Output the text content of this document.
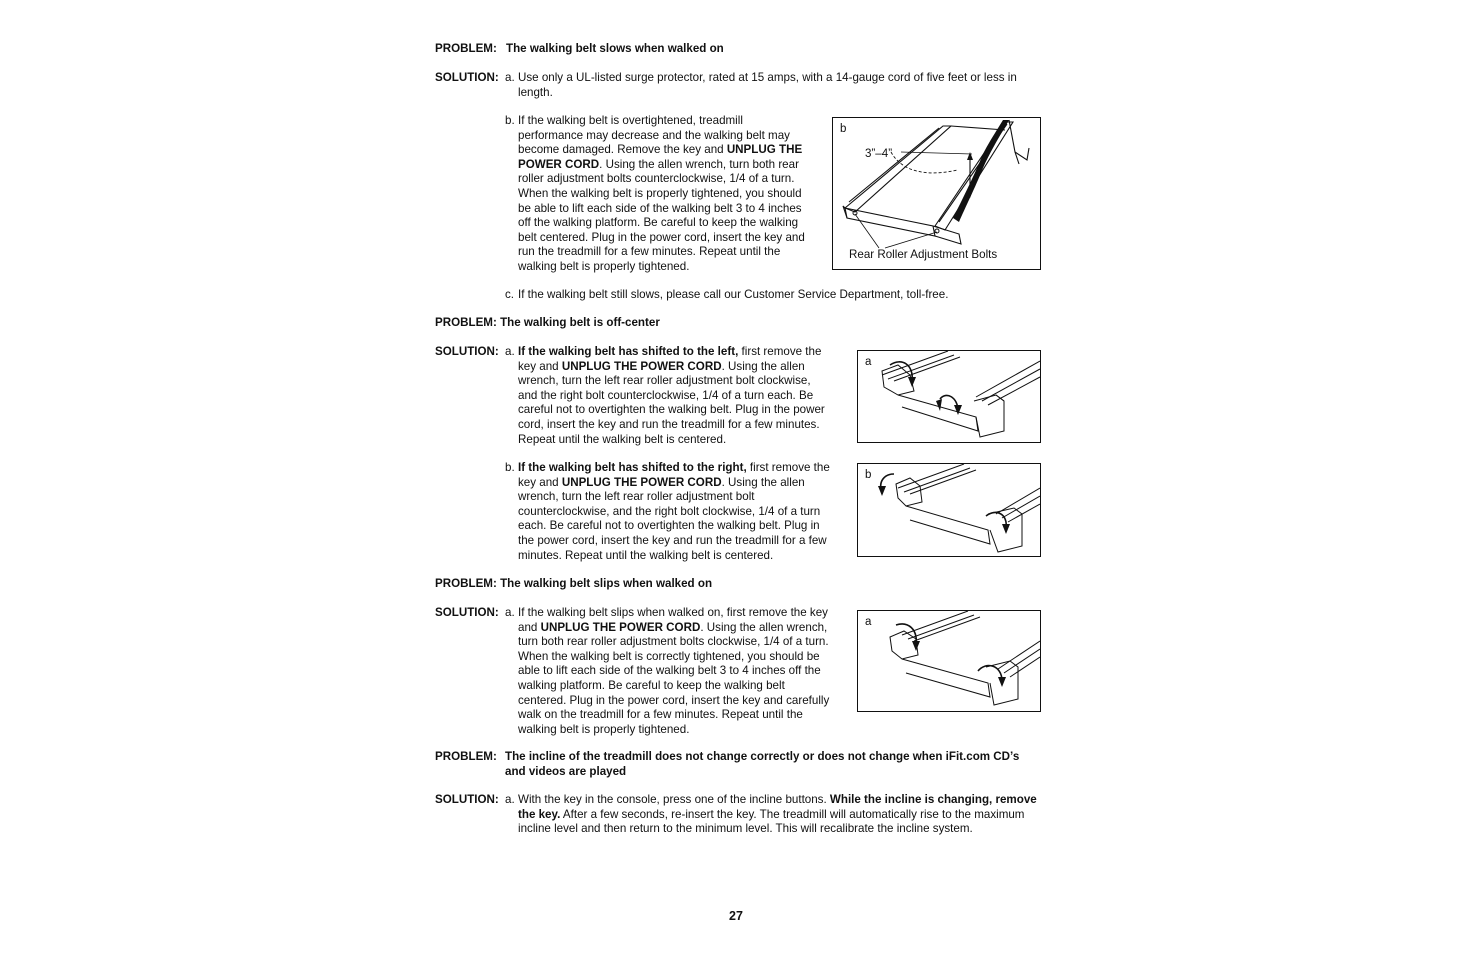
PROBLEM: The walking belt slows when walked on
SOLUTION: a. Use only a UL-listed surge protector, rated at 15 amps, with a 14-gauge cord of five feet or less in length.
b. If the walking belt is overtightened, treadmill performance may decrease and the walking belt may become damaged. Remove the key and UNPLUG THE POWER CORD. Using the allen wrench, turn both rear roller adjustment bolts counterclockwise, 1/4 of a turn. When the walking belt is properly tightened, you should be able to lift each side of the walking belt 3 to 4 inches off the walking platform. Be careful to keep the walking belt centered. Plug in the power cord, insert the key and run the treadmill for a few minutes. Repeat until the walking belt is properly tightened.
b
3”–4”
Rear Roller Adjustment Bolts
c. If the walking belt still slows, please call our Customer Service Department, toll-free.
PROBLEM: The walking belt is off-center
SOLUTION: a. If the walking belt has shifted to the left, first remove the key and UNPLUG THE POWER CORD. Using the allen wrench, turn the left rear roller adjustment bolt clockwise, and the right bolt counterclockwise, 1/4 of a turn each. Be careful not to overtighten the walking belt. Plug in the power cord, insert the key and run the treadmill for a few minutes. Repeat until the walking belt is centered.
a
b. If the walking belt has shifted to the right, first remove the key and UNPLUG THE POWER CORD. Using the allen wrench, turn the left rear roller adjustment bolt counterclockwise, and the right bolt clockwise, 1/4 of a turn each. Be careful not to overtighten the walking belt. Plug in the power cord, insert the key and run the treadmill for a few minutes. Repeat until the walking belt is centered.
b
PROBLEM: The walking belt slips when walked on
SOLUTION: a. If the walking belt slips when walked on, first remove the key and UNPLUG THE POWER CORD. Using the allen wrench, turn both rear roller adjustment bolts clockwise, 1/4 of a turn. When the walking belt is correctly tightened, you should be able to lift each side of the walking belt 3 to 4 inches off the walking platform. Be careful to keep the walking belt centered. Plug in the power cord, insert the key and carefully walk on the treadmill for a few minutes. Repeat until the walking belt is properly tightened.
a
PROBLEM: The incline of the treadmill does not change correctly or does not change when iFit.com CD’s and videos are played
SOLUTION: a. With the key in the console, press one of the incline buttons. While the incline is changing, remove the key. After a few seconds, re-insert the key. The treadmill will automatically rise to the maximum incline level and then return to the minimum level. This will recalibrate the incline system.
27
